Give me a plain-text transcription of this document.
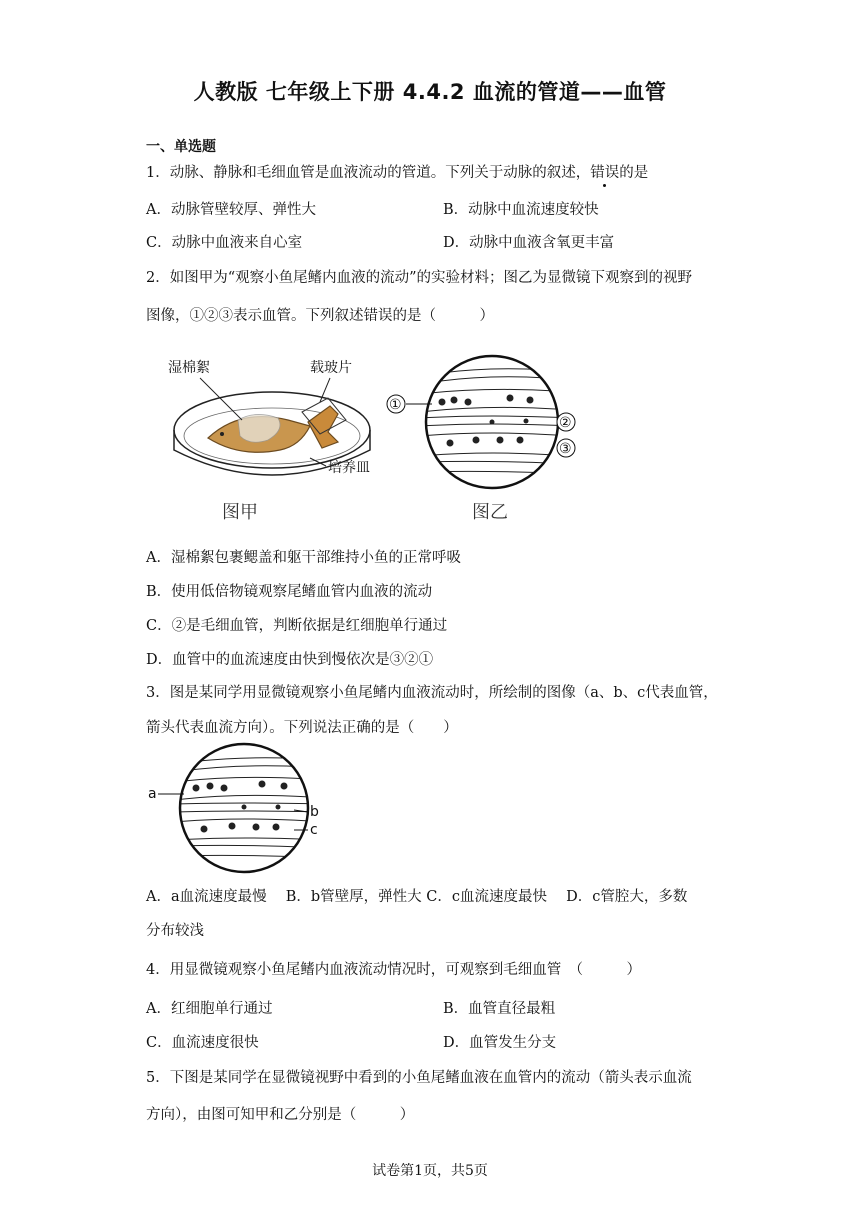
人教版 七年级上下册 4.4.2 血流的管道——血管
一、单选题
1．动脉、静脉和毛细血管是血液流动的管道。下列关于动脉的叙述，错误的是
A．动脉管壁较厚、弹性大	B．动脉中血流速度较快
C．动脉中血液来自心室	D．动脉中血液含氧更丰富
2．如图甲为“观察小鱼尾鳍内血液的流动”的实验材料；图乙为显微镜下观察到的视野
图像，①②③表示血管。下列叙述错误的是（　　　）
湿棉絮	载玻片
培养皿
图甲
①
②
③
图乙
A．湿棉絮包裹鳃盖和躯干部维持小鱼的正常呼吸
B．使用低倍物镜观察尾鳍血管内血液的流动
C．②是毛细血管，判断依据是红细胞单行通过
D．血管中的血流速度由快到慢依次是③②①
3．图是某同学用显微镜观察小鱼尾鳍内血液流动时，所绘制的图像（a、b、c代表血管，
箭头代表血流方向）。下列说法正确的是（　　）
a
b
c
A．a血流速度最慢　 B．b管壁厚，弹性大 C．c血流速度最快　 D．c管腔大，多数
分布较浅
4．用显微镜观察小鱼尾鳍内血液流动情况时，可观察到毛细血管　（　　　）
A．红细胞单行通过	B．血管直径最粗
C．血流速度很快	D．血管发生分支
5．下图是某同学在显微镜视野中看到的小鱼尾鳍血液在血管内的流动（箭头表示血流
方向），由图可知甲和乙分别是（　　　）
试卷第1页，共5页
